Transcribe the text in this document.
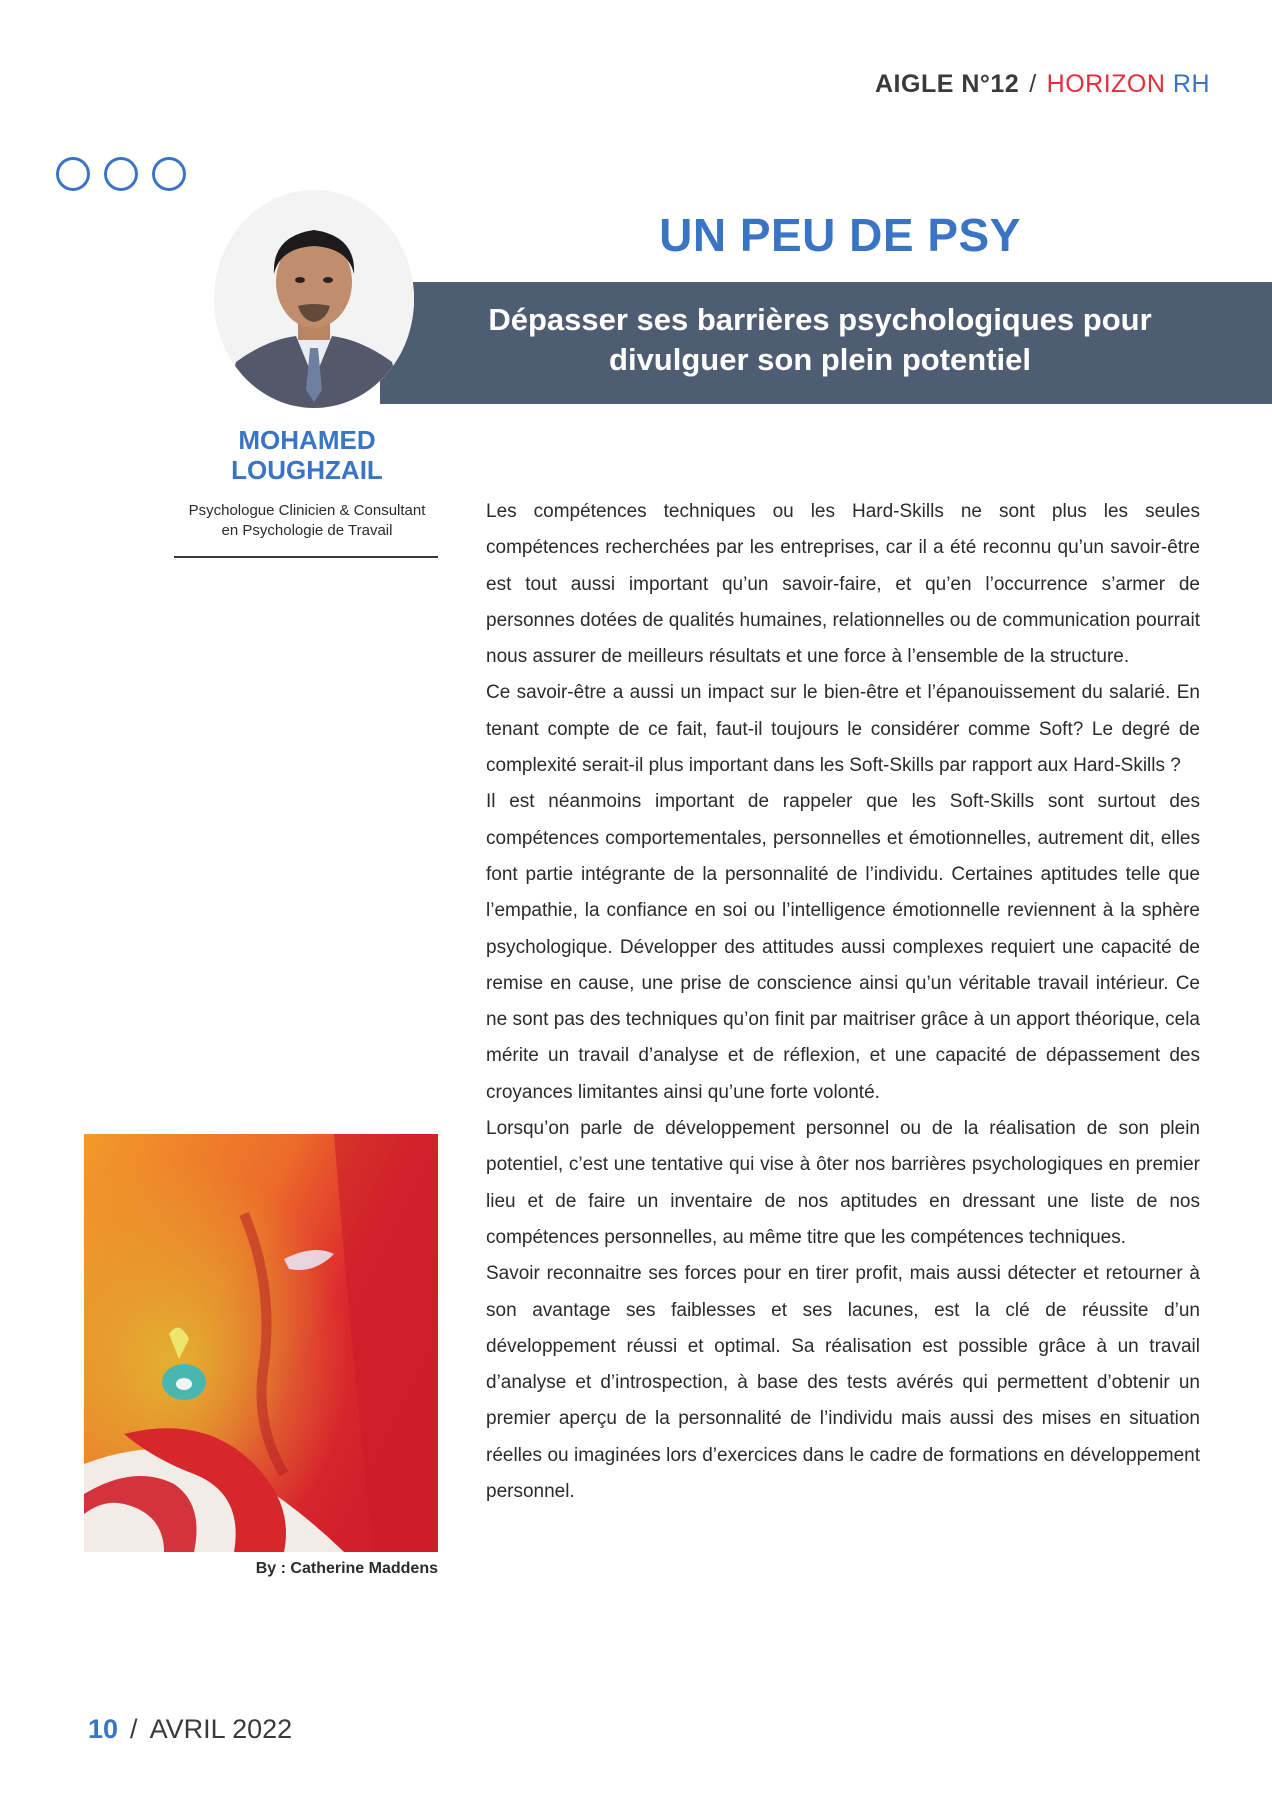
AIGLE N°12 / HORIZON RH
UN PEU DE PSY
Dépasser ses barrières psychologiques pour
divulguer son plein potentiel
MOHAMED
LOUGHZAIL
Psychologue Clinicien & Consultant
en Psychologie de Travail

Les compétences techniques ou les Hard-Skills ne sont plus les seules compétences recherchées par les entreprises, car il a été reconnu qu’un savoir-être est tout aussi important qu’un savoir-faire, et qu’en l’occurrence s’armer de personnes dotées de qualités humaines, relationnelles ou de communication pourrait nous assurer de meilleurs résultats et une force à l’ensemble de la structure.

Ce savoir-être a aussi un impact sur le bien-être et l’épanouissement du salarié. En tenant compte de ce fait, faut-il toujours le considérer comme Soft? Le degré de complexité serait-il plus important dans les Soft-Skills par rapport aux Hard-Skills ?

Il est néanmoins important de rappeler que les Soft-Skills sont surtout des compétences comportementales, personnelles et émotionnelles, autrement dit, elles font partie intégrante de la personnalité de l’individu. Certaines aptitudes telle que l’empathie, la confiance en soi ou l’intelligence émotionnelle reviennent à la sphère psychologique. Développer des attitudes aussi complexes requiert une capacité de remise en cause, une prise de conscience ainsi qu’un véritable travail intérieur. Ce ne sont pas des techniques qu’on finit par maitriser grâce à un apport théorique, cela mérite un travail d’analyse et de réflexion, et une capacité de dépassement des croyances limitantes ainsi qu’une forte volonté.

Lorsqu’on parle de développement personnel ou de la réalisation de son plein potentiel, c’est une tentative qui vise à ôter nos barrières psychologiques en premier lieu et de faire un inventaire de nos aptitudes en dressant une liste de nos compétences personnelles, au même titre que les compétences techniques.

Savoir reconnaitre ses forces pour en tirer profit, mais aussi détecter et retourner à son avantage ses faiblesses et ses lacunes, est la clé de réussite d’un développement réussi et optimal. Sa réalisation est possible grâce à un travail d’analyse et d’introspection, à base des tests avérés qui permettent d’obtenir un premier aperçu de la personnalité de l’individu mais aussi des mises en situation réelles ou imaginées lors d’exercices dans le cadre de formations en développement personnel.

By : Catherine Maddens
10 / AVRIL 2022
